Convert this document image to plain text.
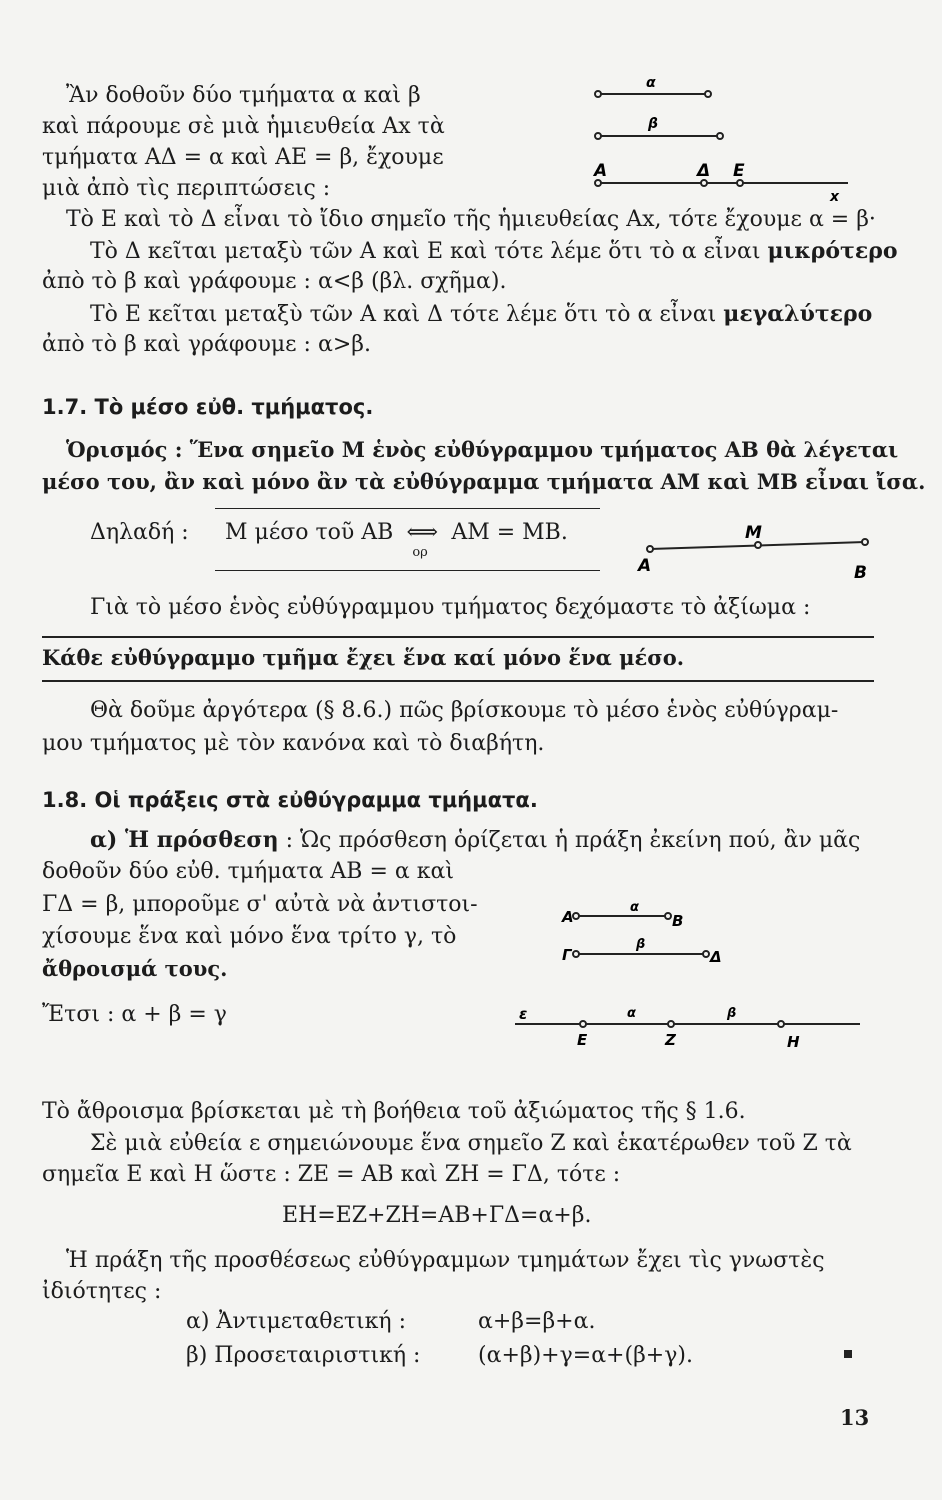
Ἂν δοθοῦν δύο τμήματα α καὶ β
καὶ πάρουμε σὲ μιὰ ἡμιευθεία Ax τὰ
τμήματα ΑΔ = α καὶ ΑΕ = β, ἔχουμε
μιὰ ἀπὸ τὶς περιπτώσεις :
Τὸ Ε καὶ τὸ Δ εἶναι τὸ ἴδιο σημεῖο τῆς ἡμιευθείας Ax, τότε ἔχουμε α = β·
Τὸ Δ κεῖται μεταξὺ τῶν Α καὶ Ε καὶ τότε λέμε ὅτι τὸ α εἶναι μικρότερο
ἀπὸ τὸ β καὶ γράφουμε : α<β (βλ. σχῆμα).
Τὸ Ε κεῖται μεταξὺ τῶν Α καὶ Δ τότε λέμε ὅτι τὸ α εἶναι μεγαλύτερο
ἀπὸ τὸ β καὶ γράφουμε : α>β.
α
β
Α	Δ Ε
x
1.7. Τὸ μέσο εὐθ. τμήματος.
Ὁρισμός : Ἕνα σημεῖο Μ ἑνὸς εὐθύγραμμου τμήματος ΑΒ θὰ λέγεται
μέσο του, ἂν καὶ μόνο ἂν τὰ εὐθύγραμμα τμήματα ΑΜ καὶ ΜΒ εἶναι ἴσα.
Δηλαδή : Μ μέσο τοῦ ΑΒ ⟺
ορ
ΑΜ = ΜΒ.	Μ
Α	Β
Γιὰ τὸ μέσο ἑνὸς εὐθύγραμμου τμήματος δεχόμαστε τὸ ἀξίωμα :
Κάθε εὐθύγραμμο τμῆμα ἔχει ἕνα καί μόνο ἕνα μέσο.
Θὰ δοῦμε ἀργότερα (§ 8.6.) πῶς βρίσκουμε τὸ μέσο ἑνὸς εὐθύγραμ-
μου τμήματος μὲ τὸν κανόνα καὶ τὸ διαβήτη.
1.8. Οἱ πράξεις στὰ εὐθύγραμμα τμήματα.
α) Ἡ πρόσθεση : Ὡς πρόσθεση ὁρίζεται ἡ πράξη ἐκείνη πού, ἂν μᾶς
δοθοῦν δύο εὐθ. τμήματα ΑΒ = α καὶ
ΓΔ = β, μποροῦμε σ' αὐτὰ νὰ ἀντιστοι-
χίσουμε ἕνα καὶ μόνο ἕνα τρίτο γ, τὸ
ἄθροισμά τους.
Ἔτσι : α + β = γ
Α
α
Β
Γ
β
Δ
ε	α	β
Ε	Ζ	Η
Τὸ ἄθροισμα βρίσκεται μὲ τὴ βοήθεια τοῦ ἀξιώματος τῆς § 1.6.
Σὲ μιὰ εὐθεία ε σημειώνουμε ἕνα σημεῖο Ζ καὶ ἑκατέρωθεν τοῦ Ζ τὰ
σημεῖα Ε καὶ Η ὥστε : ΖΕ = ΑΒ καὶ ΖΗ = ΓΔ, τότε :
ΕΗ=ΕΖ+ΖΗ=ΑΒ+ΓΔ=α+β.
Ἡ πράξη τῆς προσθέσεως εὐθύγραμμων τμημάτων ἔχει τὶς γνωστὲς
ἰδιότητες :
α) Ἀντιμεταθετική :	α+β=β+α.
β) Προσεταιριστική :	(α+β)+γ=α+(β+γ).
13
